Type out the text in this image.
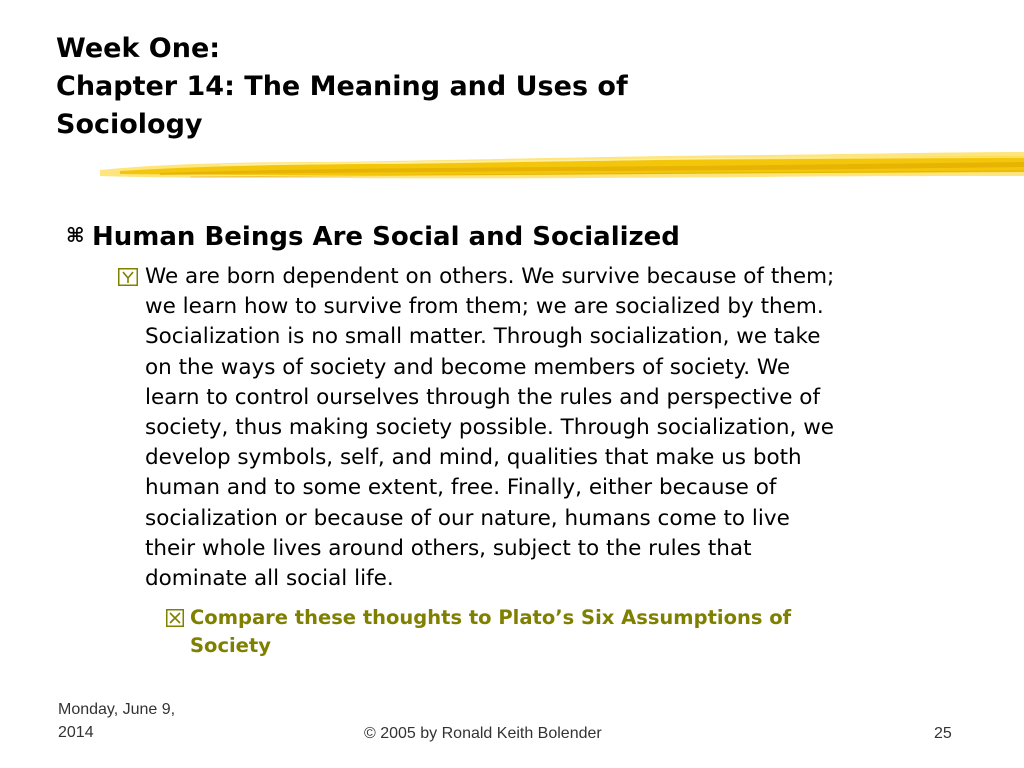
Week One:
Chapter 14: The Meaning and Uses of
Sociology
⌘ Human Beings Are Social and Socialized
We are born dependent on others. We survive because of them;
we learn how to survive from them; we are socialized by them.
Socialization is no small matter. Through socialization, we take
on the ways of society and become members of society. We
learn to control ourselves through the rules and perspective of
society, thus making society possible. Through socialization, we
develop symbols, self, and mind, qualities that make us both
human and to some extent, free. Finally, either because of
socialization or because of our nature, humans come to live
their whole lives around others, subject to the rules that
dominate all social life.
Compare these thoughts to Plato’s Six Assumptions of
Society
Monday, June 9,
2014	© 2005 by Ronald Keith Bolender	25
